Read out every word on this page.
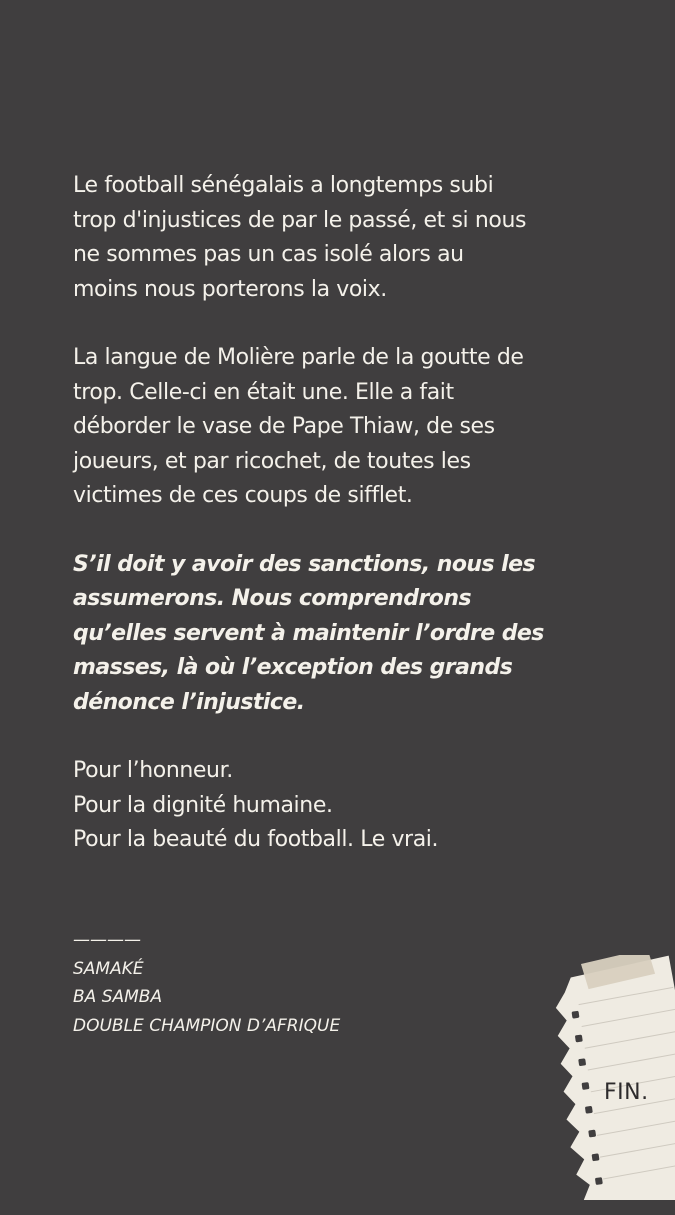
Le football sénégalais a longtemps subi
trop d'injustices de par le passé, et si nous
ne sommes pas un cas isolé alors au
moins nous porterons la voix.

La langue de Molière parle de la goutte de
trop. Celle-ci en était une. Elle a fait
déborder le vase de Pape Thiaw, de ses
joueurs, et par ricochet, de toutes les
victimes de ces coups de sifflet.

S’il doit y avoir des sanctions, nous les
assumerons. Nous comprendrons
qu’elles servent à maintenir l’ordre des
masses, là où l’exception des grands
dénonce l’injustice.

Pour l’honneur.
Pour la dignité humaine.
Pour la beauté du football. Le vrai.

————
SAMAKÉ
BA SAMBA
DOUBLE CHAMPION D’AFRIQUE
FIN.
